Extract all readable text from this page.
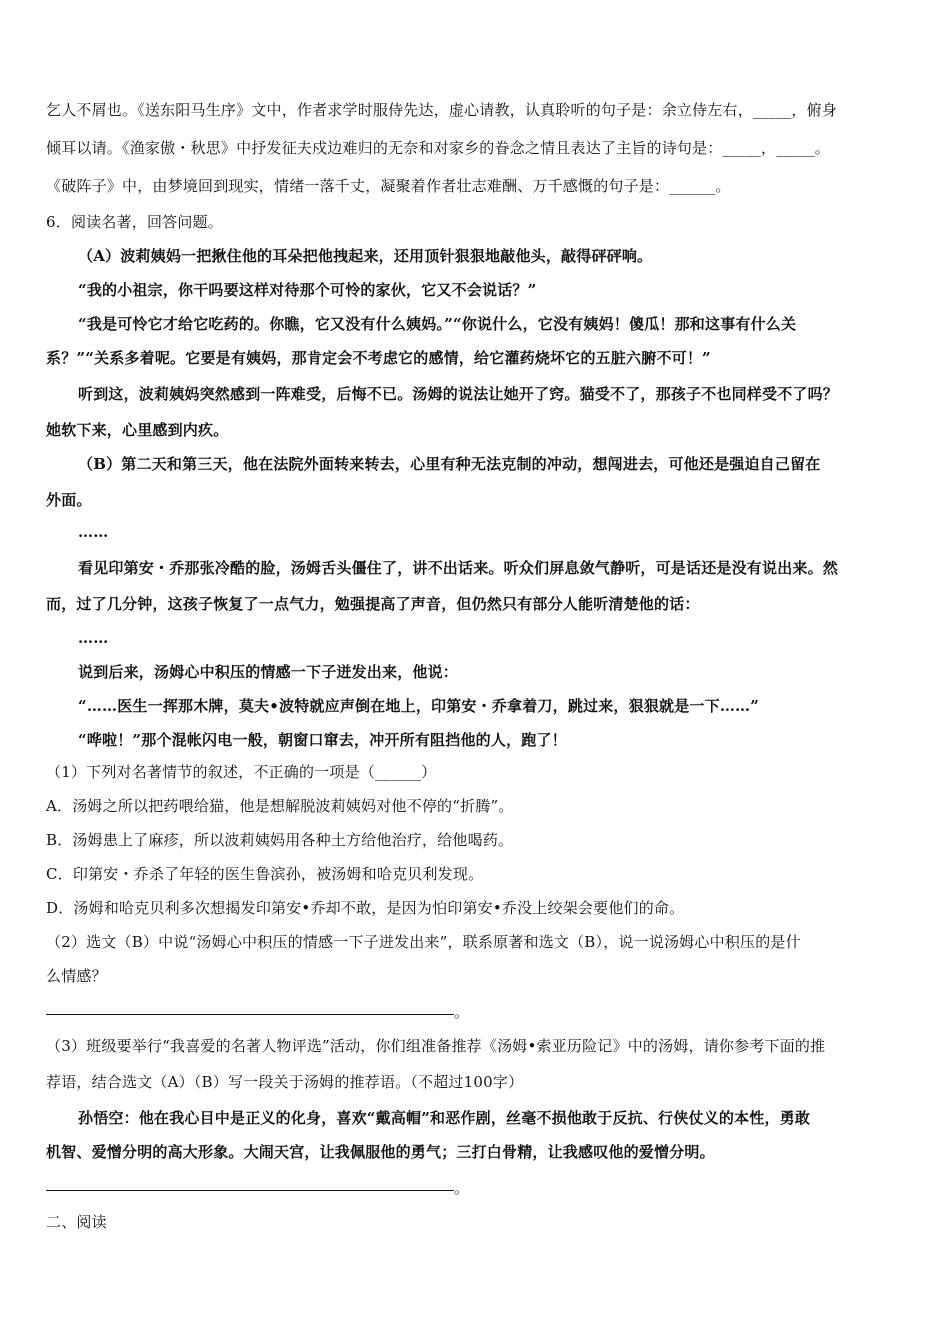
乞人不屑也。《送东阳马生序》文中，作者求学时服侍先达，虚心请教，认真聆听的句子是：余立侍左右，_____，俯身
倾耳以请。《渔家傲・秋思》中抒发征夫戍边难归的无奈和对家乡的眷念之情且表达了主旨的诗句是：_____，_____。
《破阵子》中，由梦境回到现实，情绪一落千丈，凝聚着作者壮志难酬、万千感慨的句子是：______。
6．阅读名著，回答问题。
（A）波莉姨妈一把揪住他的耳朵把他拽起来，还用顶针狠狠地敲他头，敲得砰砰响。
“我的小祖宗，你干吗要这样对待那个可怜的家伙，它又不会说话？”
“我是可怜它才给它吃药的。你瞧，它又没有什么姨妈。”“你说什么，它没有姨妈！傻瓜！那和这事有什么关
系？”“关系多着呢。它要是有姨妈，那肯定会不考虑它的感情，给它灌药烧坏它的五脏六腑不可！”
听到这，波莉姨妈突然感到一阵难受，后悔不已。汤姆的说法让她开了窍。猫受不了，那孩子不也同样受不了吗？
她软下来，心里感到内疚。
（B）第二天和第三天，他在法院外面转来转去，心里有种无法克制的冲动，想闯进去，可他还是强迫自己留在
外面。
……
看见印第安・乔那张冷酷的脸，汤姆舌头僵住了，讲不出话来。听众们屏息敛气静听，可是话还是没有说出来。然
而，过了几分钟，这孩子恢复了一点气力，勉强提高了声音，但仍然只有部分人能听清楚他的话：
……
说到后来，汤姆心中积压的情感一下子迸发出来，他说：
“……医生一挥那木牌，莫夫•波特就应声倒在地上，印第安・乔拿着刀，跳过来，狠狠就是一下……”
“哗啦！”那个混帐闪电一般，朝窗口窜去，冲开所有阻挡他的人，跑了！
（1）下列对名著情节的叙述，不正确的一项是（______）
A．汤姆之所以把药喂给猫，他是想解脱波莉姨妈对他不停的“折腾”。
B．汤姆患上了麻疹，所以波莉姨妈用各种土方给他治疗，给他喝药。
C．印第安・乔杀了年轻的医生鲁滨孙，被汤姆和哈克贝利发现。
D．汤姆和哈克贝利多次想揭发印第安•乔却不敢，是因为怕印第安•乔没上绞架会要他们的命。
（2）选文（B）中说“汤姆心中积压的情感一下子迸发出来”，联系原著和选文（B），说一说汤姆心中积压的是什
么情感？
。
（3）班级要举行“我喜爱的名著人物评选”活动，你们组准备推荐《汤姆•索亚历险记》中的汤姆，请你参考下面的推
荐语，结合选文（A）（B）写一段关于汤姆的推荐语。（不超过100字）
孙悟空：他在我心目中是正义的化身，喜欢“戴高帽”和恶作剧，丝毫不损他敢于反抗、行侠仗义的本性，勇敢
机智、爱憎分明的高大形象。大闹天宫，让我佩服他的勇气；三打白骨精，让我感叹他的爱憎分明。
。
二、阅读
